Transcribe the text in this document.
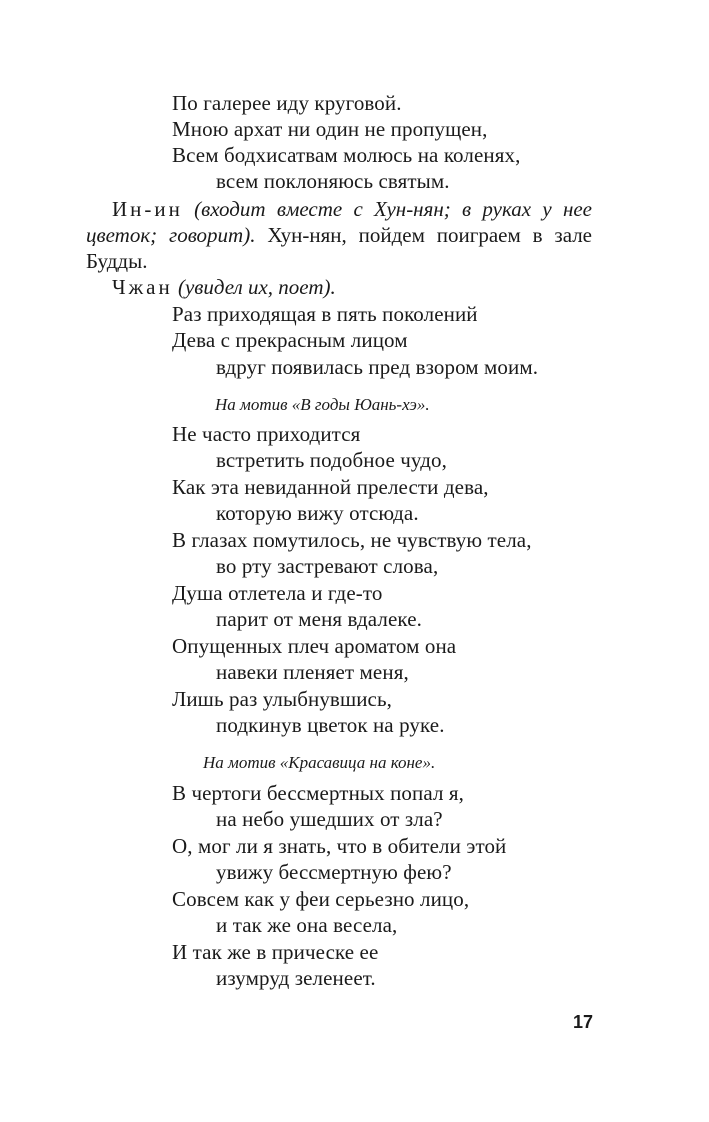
По галерее иду круговой.
Мною архат ни один не пропущен,
Всем бодхисатвам молюсь на коленях,
всем поклоняюсь святым.
Ин-ин (входит вместе с Хун-нян; в руках у нее цветок; говорит). Хун-нян, пойдем поиграем в зале Будды.
Чжан (увидел их, поет).
Раз приходящая в пять поколений
Дева с прекрасным лицом
вдруг появилась пред взором моим.
На мотив «В годы Юань-хэ».
Не часто приходится
встретить подобное чудо,
Как эта невиданной прелести дева,
которую вижу отсюда.
В глазах помутилось, не чувствую тела,
во рту застревают слова,
Душа отлетела и где-то
парит от меня вдалеке.
Опущенных плеч ароматом она
навеки пленяет меня,
Лишь раз улыбнувшись,
подкинув цветок на руке.
На мотив «Красавица на коне».
В чертоги бессмертных попал я,
на небо ушедших от зла?
О, мог ли я знать, что в обители этой
увижу бессмертную фею?
Совсем как у феи серьезно лицо,
и так же она весела,
И так же в прическе ее
изумруд зеленеет.
17
